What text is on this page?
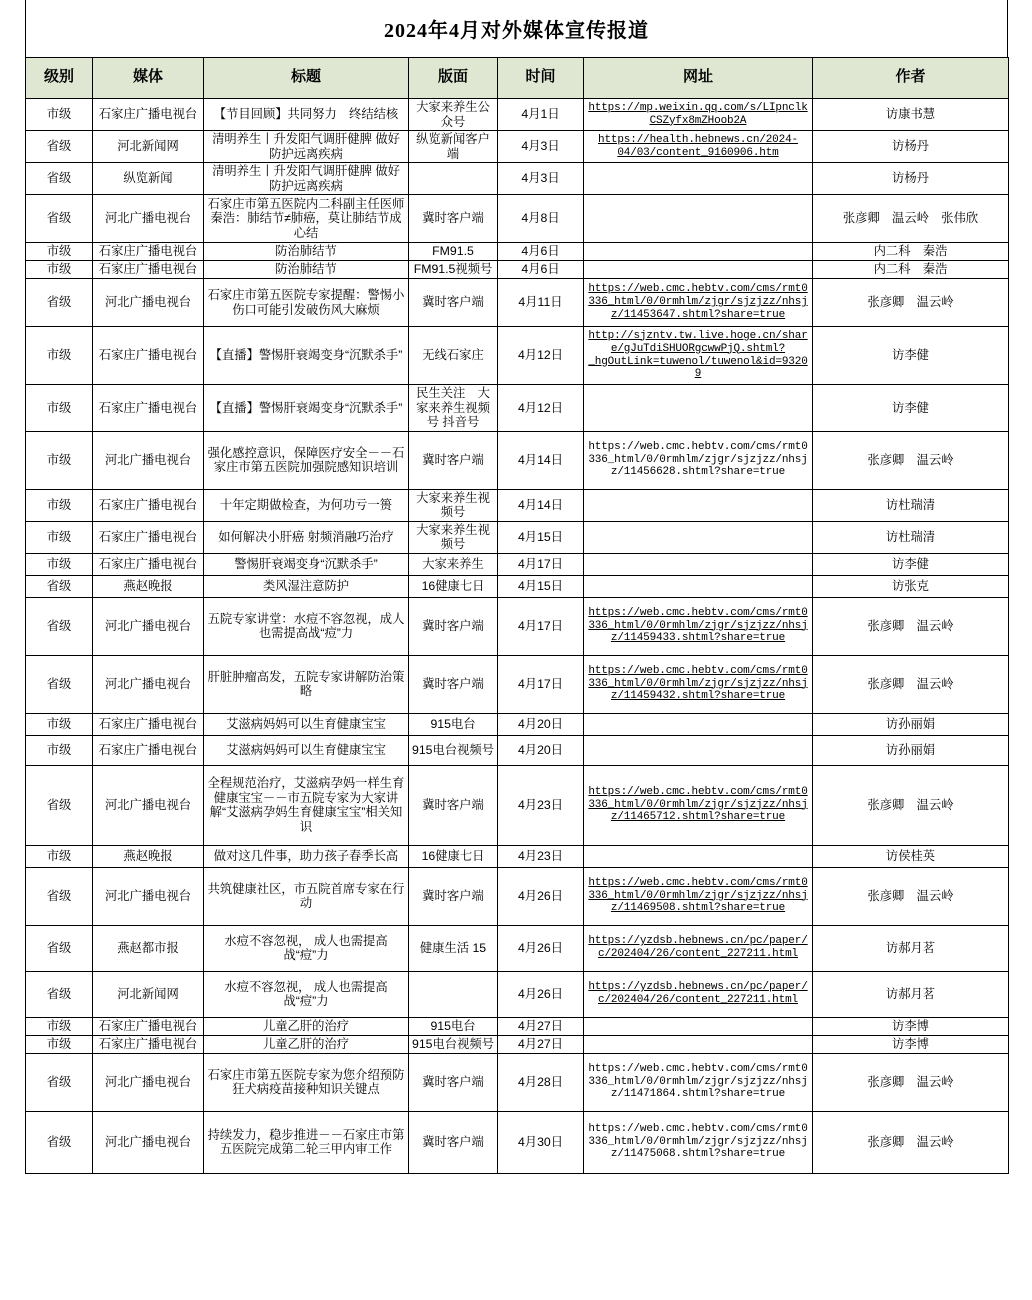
2024年4月对外媒体宣传报道
级别	媒体	标题	版面	时间	网址	作者
市级	石家庄广播电视台	【节目回顾】共同努力　终结结核	大家来养生公众号	4月1日	https://mp.weixin.qq.com/s/LIpnclkCSZyfx8mZHoob2A	访康书慧
省级	河北新闻网	清明养生丨升发阳气调肝健脾 做好防护远离疾病	纵览新闻客户端	4月3日	https://health.hebnews.cn/2024-04/03/content_9160906.htm	访杨丹
省级	纵览新闻	清明养生丨升发阳气调肝健脾 做好防护远离疾病		4月3日		访杨丹
省级	河北广播电视台	石家庄市第五医院内二科副主任医师秦浩：肺结节≠肺癌，莫让肺结节成心结	冀时客户端	4月8日		张彦卿　温云岭　张伟欣
市级	石家庄广播电视台	防治肺结节	FM91.5	4月6日		内二科　秦浩
市级	石家庄广播电视台	防治肺结节	FM91.5视频号	4月6日		内二科　秦浩
省级	河北广播电视台	石家庄市第五医院专家提醒：警惕小伤口可能引发破伤风大麻烦	冀时客户端	4月11日	https://web.cmc.hebtv.com/cms/rmt0336_html/0/0rmhlm/zjgr/sjzjzz/nhsjz/11453647.shtml?share=true	张彦卿　温云岭
市级	石家庄广播电视台	【直播】警惕肝衰竭变身“沉默杀手”	无线石家庄	4月12日	http://sjzntv.tw.live.hoge.cn/share/gJuTdiSHUORgcwwPjQ.shtml?_hgOutLink=tuwenol/tuwenol&id=93209	访李健
市级	石家庄广播电视台	【直播】警惕肝衰竭变身“沉默杀手”	民生关注　大家来养生视频号 抖音号	4月12日		访李健
市级	河北广播电视台	强化感控意识，保障医疗安全－－石家庄市第五医院加强院感知识培训	冀时客户端	4月14日	https://web.cmc.hebtv.com/cms/rmt0336_html/0/0rmhlm/zjgr/sjzjzz/nhsjz/11456628.shtml?share=true	张彦卿　温云岭
市级	石家庄广播电视台	十年定期做检查，为何功亏一篑	大家来养生视频号	4月14日		访杜瑞清
市级	石家庄广播电视台	如何解决小肝癌 射频消融巧治疗	大家来养生视频号	4月15日		访杜瑞清
市级	石家庄广播电视台	警惕肝衰竭变身“沉默杀手”	大家来养生	4月17日		访李健
省级	燕赵晚报	类风湿注意防护	16健康七日	4月15日		访张克
省级	河北广播电视台	五院专家讲堂：水痘不容忽视，成人也需提高战“痘”力	冀时客户端	4月17日	https://web.cmc.hebtv.com/cms/rmt0336_html/0/0rmhlm/zjgr/sjzjzz/nhsjz/11459433.shtml?share=true	张彦卿　温云岭
省级	河北广播电视台	肝脏肿瘤高发，五院专家讲解防治策略	冀时客户端	4月17日	https://web.cmc.hebtv.com/cms/rmt0336_html/0/0rmhlm/zjgr/sjzjzz/nhsjz/11459432.shtml?share=true	张彦卿　温云岭
市级	石家庄广播电视台	艾滋病妈妈可以生育健康宝宝	915电台	4月20日		访孙丽娟
市级	石家庄广播电视台	艾滋病妈妈可以生育健康宝宝	915电台视频号	4月20日		访孙丽娟
省级	河北广播电视台	全程规范治疗，艾滋病孕妈一样生育健康宝宝－－市五院专家为大家讲解“艾滋病孕妈生育健康宝宝”相关知识	冀时客户端	4月23日	https://web.cmc.hebtv.com/cms/rmt0336_html/0/0rmhlm/zjgr/sjzjzz/nhsjz/11465712.shtml?share=true	张彦卿　温云岭
市级	燕赵晚报	做对这几件事，助力孩子春季长高	16健康七日	4月23日		访侯桂英
省级	河北广播电视台	共筑健康社区，市五院首席专家在行动	冀时客户端	4月26日	https://web.cmc.hebtv.com/cms/rmt0336_html/0/0rmhlm/zjgr/sjzjzz/nhsjz/11469508.shtml?share=true	张彦卿　温云岭
省级	燕赵都市报	水痘不容忽视， 成人也需提高战“痘”力	健康生活 15	4月26日	https://yzdsb.hebnews.cn/pc/paper/c/202404/26/content_227211.html	访郝月茗
省级	河北新闻网	水痘不容忽视， 成人也需提高战“痘”力		4月26日	https://yzdsb.hebnews.cn/pc/paper/c/202404/26/content_227211.html	访郝月茗
市级	石家庄广播电视台	儿童乙肝的治疗	915电台	4月27日		访李博
市级	石家庄广播电视台	儿童乙肝的治疗	915电台视频号	4月27日		访李博
省级	河北广播电视台	石家庄市第五医院专家为您介绍预防狂犬病疫苗接种知识关键点	冀时客户端	4月28日	https://web.cmc.hebtv.com/cms/rmt0336_html/0/0rmhlm/zjgr/sjzjzz/nhsjz/11471864.shtml?share=true	张彦卿　温云岭
省级	河北广播电视台	持续发力，稳步推进－－石家庄市第五医院完成第二轮三甲内审工作	冀时客户端	4月30日	https://web.cmc.hebtv.com/cms/rmt0336_html/0/0rmhlm/zjgr/sjzjzz/nhsjz/11475068.shtml?share=true	张彦卿　温云岭
